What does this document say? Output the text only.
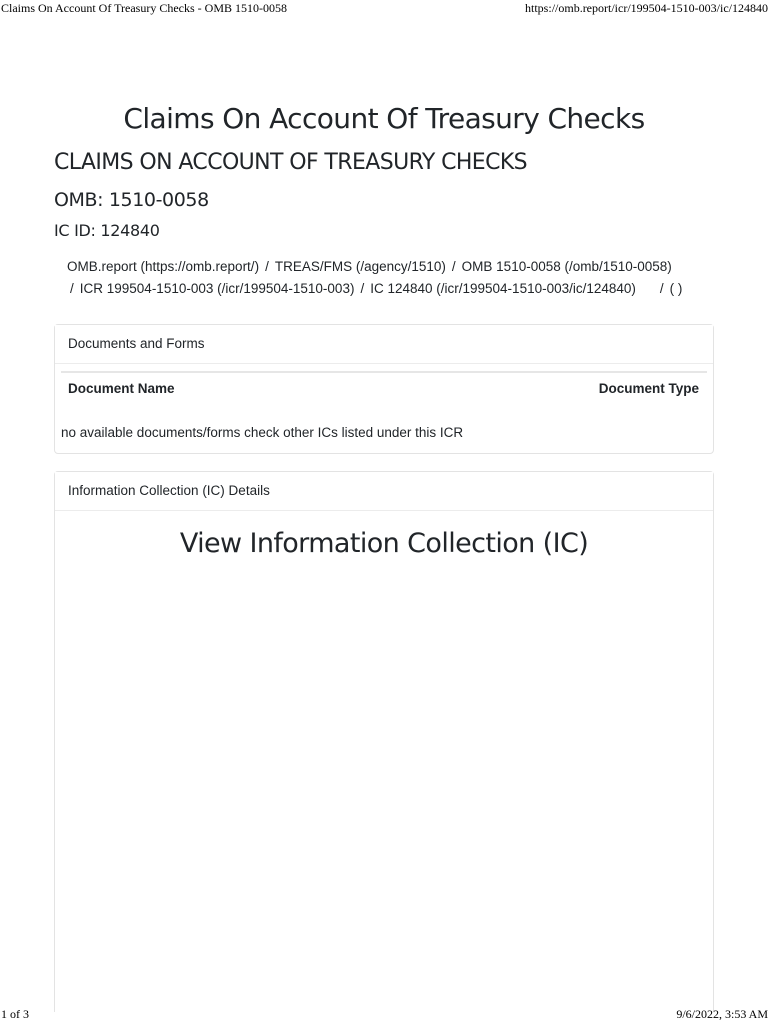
Claims On Account Of Treasury Checks - OMB 1510-0058	https://omb.report/icr/199504-1510-003/ic/124840
Claims On Account Of Treasury Checks
CLAIMS ON ACCOUNT OF TREASURY CHECKS
OMB: 1510-0058
IC ID: 124840
OMB.report (https://omb.report/) / TREAS/FMS (/agency/1510) / OMB 1510-0058 (/omb/1510-0058)
/ ICR 199504-1510-003 (/icr/199504-1510-003) / IC 124840 (/icr/199504-1510-003/ic/124840) / ( )
Documents and Forms
Document Name	Document Type
no available documents/forms check other ICs listed under this ICR
Information Collection (IC) Details
View Information Collection (IC)
1 of 3	9/6/2022, 3:53 AM
